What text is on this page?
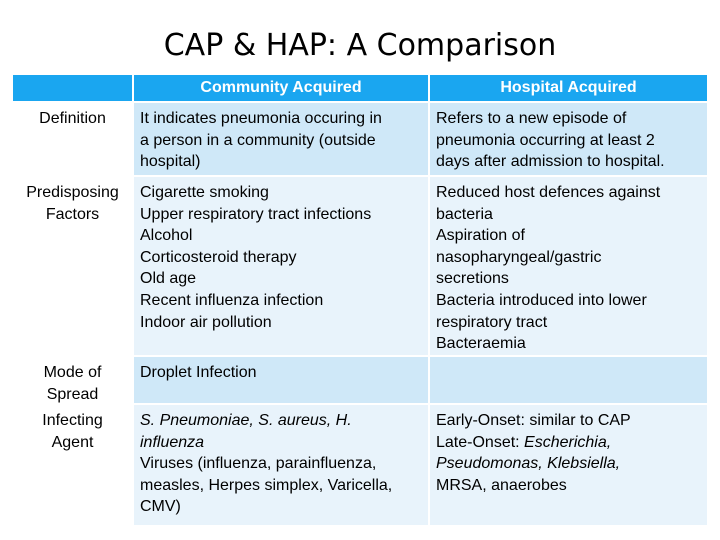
CAP & HAP: A Comparison
Community Acquired	Hospital Acquired
Definition	It indicates pneumonia occuring in
a person in a community (outside
hospital)
Refers to a new episode of
pneumonia occurring at least 2
days after admission to hospital.
Predisposing
Factors
Cigarette smoking
Upper respiratory tract infections
Alcohol
Corticosteroid therapy
Old age
Recent influenza infection
Indoor air pollution
Reduced host defences against
bacteria
Aspiration of
nasopharyngeal/gastric
secretions
Bacteria introduced into lower
respiratory tract
Bacteraemia
Mode of
Spread
Droplet Infection
Infecting
Agent
S. Pneumoniae, S. aureus, H.
influenza
Viruses (influenza, parainfluenza,
measles, Herpes simplex, Varicella,
CMV)
Early-Onset: similar to CAP
Late-Onset: Escherichia,
Pseudomonas, Klebsiella,
MRSA, anaerobes
